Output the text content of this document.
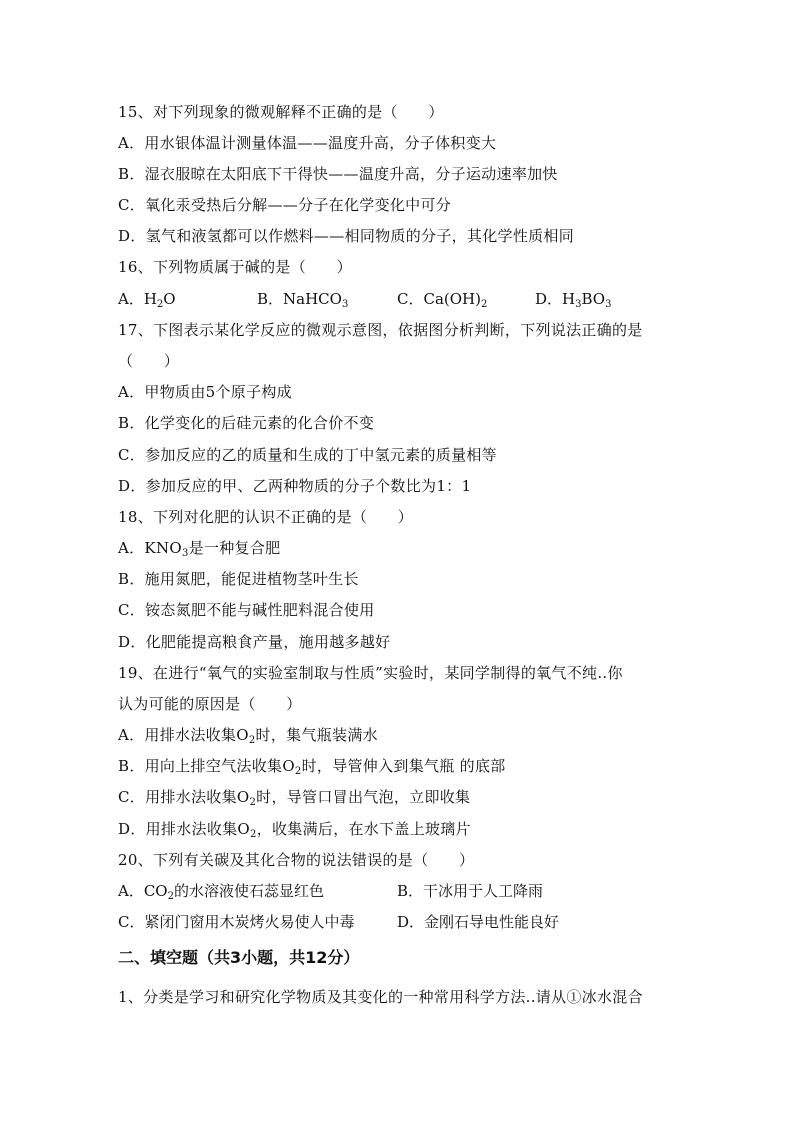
15、对下列现象的微观解释不正确的是（　　）
A．用水银体温计测量体温——温度升高，分子体积变大
B．湿衣服晾在太阳底下干得快——温度升高，分子运动速率加快
C．氧化汞受热后分解——分子在化学变化中可分
D．氢气和液氢都可以作燃料——相同物质的分子，其化学性质相同
16、下列物质属于碱的是（　　）
A．$H_2O$	B．NaHCO$_3$	C．$Ca(OH)_2$	D．$H_3BO_3$
17、下图表示某化学反应的微观示意图，依据图分析判断，下列说法正确的是
（　　）
A．甲物质由5个原子构成
B．化学变化的后硅元素的化合价不变
C．参加反应的乙的质量和生成的丁中氢元素的质量相等
D．参加反应的甲、乙两种物质的分子个数比为1：1
18、下列对化肥的认识不正确的是（　　）
A．$KNO_3$是一种复合肥
B．施用氮肥，能促进植物茎叶生长
C．铵态氮肥不能与碱性肥料混合使用
D．化肥能提高粮食产量，施用越多越好
19、在进行“氧气的实验室制取与性质”实验时，某同学制得的氧气不纯..你
认为可能的原因是（　　）
A．用排水法收集$O_2$时，集气瓶装满水
B．用向上排空气法收集$O_2$时，导管伸入到集气瓶 的底部
C．用排水法收集$O_2$时，导管口冒出气泡，立即收集
D．用排水法收集$O_2$，收集满后，在水下盖上玻璃片
20、下列有关碳及其化合物的说法错误的是（　　）
A．$CO_2$的水溶液使石蕊显红色	B．干冰用于人工降雨
C．紧闭门窗用木炭烤火易使人中毒	D．金刚石导电性能良好
二、填空题（共3小题，共12分）
1、分类是学习和研究化学物质及其变化的一种常用科学方法..请从①冰水混合
